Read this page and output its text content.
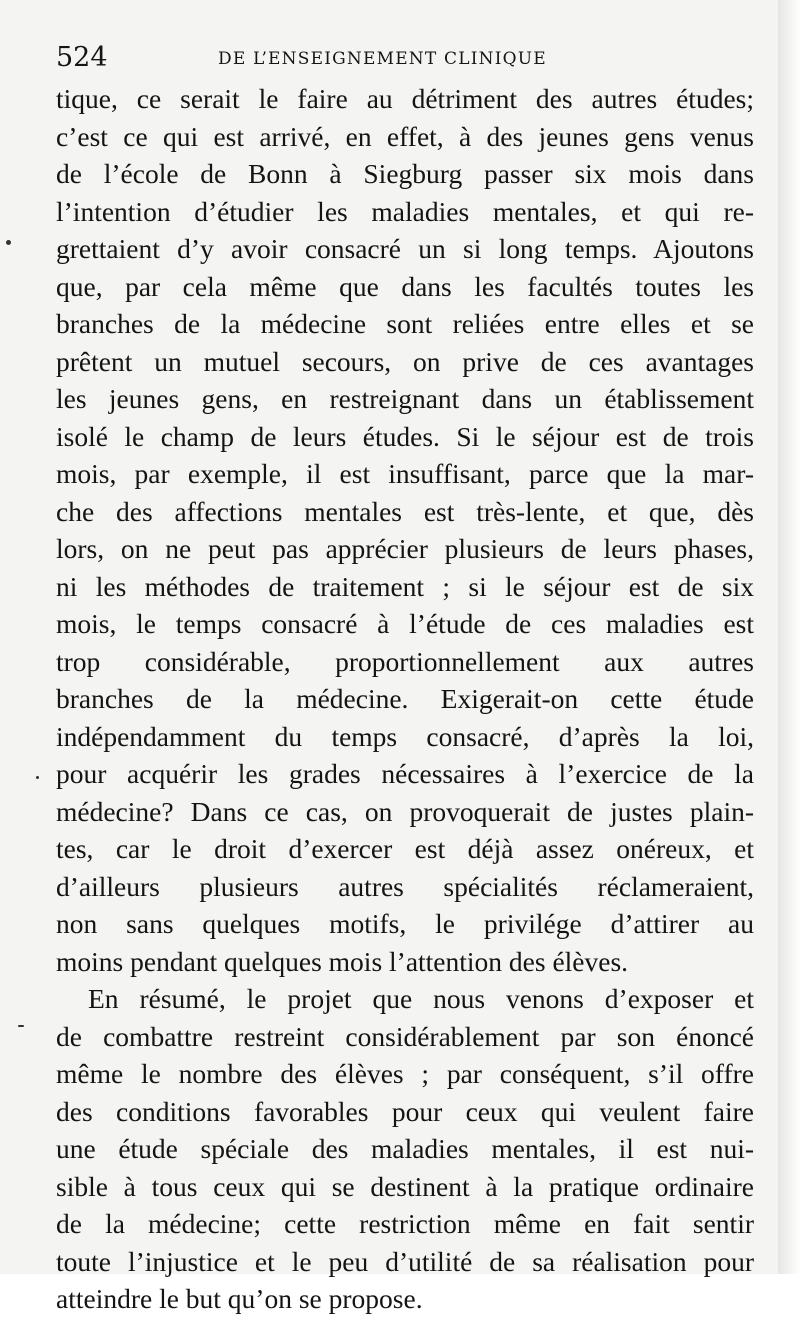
524	DE L’ENSEIGNEMENT CLINIQUE
tique, ce serait le faire au détriment des autres études;
c’est ce qui est arrivé, en effet, à des jeunes gens venus
de l’école de Bonn à Siegburg passer six mois dans
l’intention d’étudier les maladies mentales, et qui re-
grettaient d’y avoir consacré un si long temps. Ajoutons
que, par cela même que dans les facultés toutes les
branches de la médecine sont reliées entre elles et se
prêtent un mutuel secours, on prive de ces avantages
les jeunes gens, en restreignant dans un établissement
isolé le champ de leurs études. Si le séjour est de trois
mois, par exemple, il est insuffisant, parce que la mar-
che des affections mentales est très-lente, et que, dès
lors, on ne peut pas apprécier plusieurs de leurs phases,
ni les méthodes de traitement ; si le séjour est de six
mois, le temps consacré à l’étude de ces maladies est
trop considérable, proportionnellement aux autres
branches de la médecine. Exigerait-on cette étude
indépendamment du temps consacré, d’après la loi,
pour acquérir les grades nécessaires à l’exercice de la
médecine? Dans ce cas, on provoquerait de justes plain-
tes, car le droit d’exercer est déjà assez onéreux, et
d’ailleurs plusieurs autres spécialités réclameraient,
non sans quelques motifs, le privilége d’attirer au
moins pendant quelques mois l’attention des élèves.
En résumé, le projet que nous venons d’exposer et
de combattre restreint considérablement par son énoncé
même le nombre des élèves ; par conséquent, s’il offre
des conditions favorables pour ceux qui veulent faire
une étude spéciale des maladies mentales, il est nui-
sible à tous ceux qui se destinent à la pratique ordinaire
de la médecine; cette restriction même en fait sentir
toute l’injustice et le peu d’utilité de sa réalisation pour
atteindre le but qu’on se propose.
